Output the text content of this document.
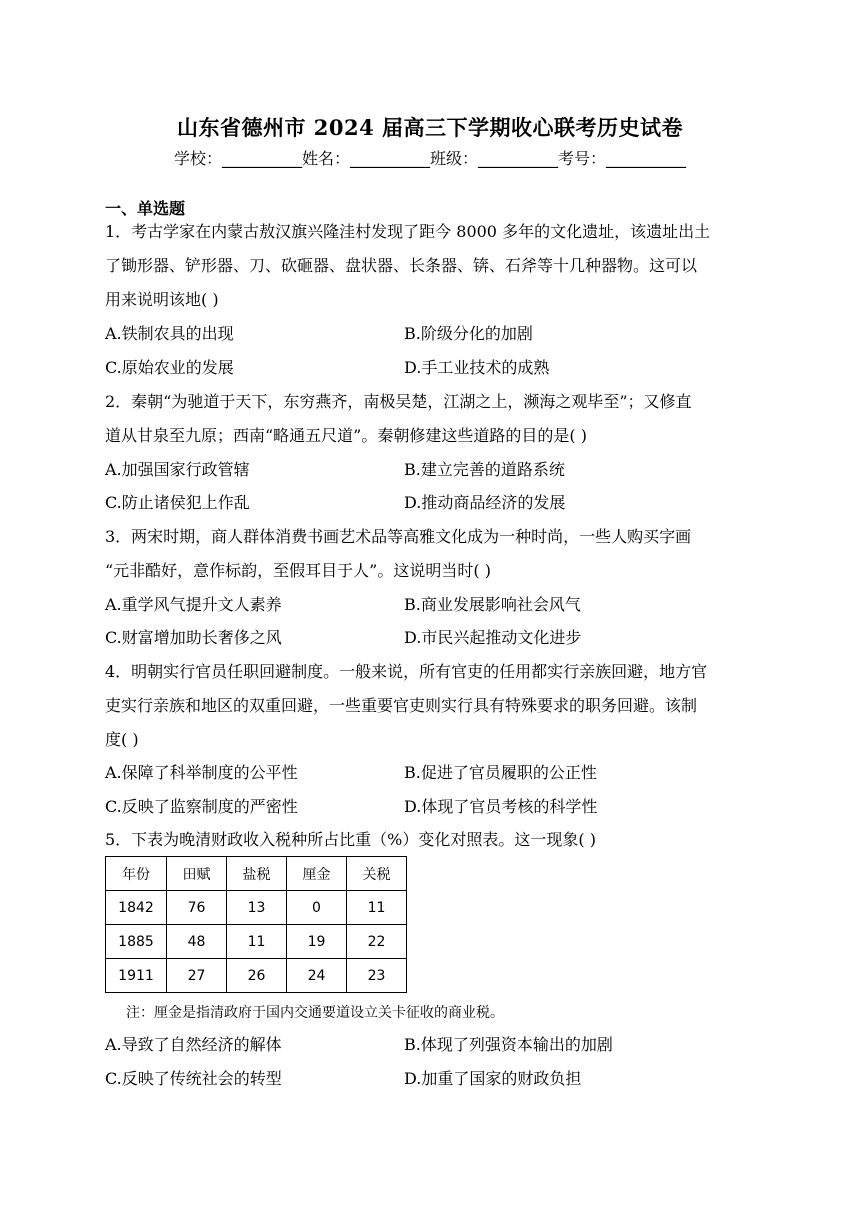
山东省德州市 2024 届高三下学期收心联考历史试卷
学校：__________姓名：__________班级：__________考号：__________
一、单选题
1．考古学家在内蒙古敖汉旗兴隆洼村发现了距今 8000 多年的文化遗址，该遗址出土
了锄形器、铲形器、刀、砍砸器、盘状器、长条器、锛、石斧等十几种器物。这可以
用来说明该地( )
A.铁制农具的出现	B.阶级分化的加剧
C.原始农业的发展	D.手工业技术的成熟
2．秦朝“为驰道于天下，东穷燕齐，南极吴楚，江湖之上，濒海之观毕至”；又修直
道从甘泉至九原；西南“略通五尺道”。秦朝修建这些道路的目的是( )
A.加强国家行政管辖	B.建立完善的道路系统
C.防止诸侯犯上作乱	D.推动商品经济的发展
3．两宋时期，商人群体消费书画艺术品等高雅文化成为一种时尚，一些人购买字画
“元非酷好，意作标韵，至假耳目于人”。这说明当时( )
A.重学风气提升文人素养	B.商业发展影响社会风气
C.财富增加助长奢侈之风	D.市民兴起推动文化进步
4．明朝实行官员任职回避制度。一般来说，所有官吏的任用都实行亲族回避，地方官
吏实行亲族和地区的双重回避，一些重要官吏则实行具有特殊要求的职务回避。该制
度( )
A.保障了科举制度的公平性	B.促进了官员履职的公正性
C.反映了监察制度的严密性	D.体现了官员考核的科学性
5．下表为晚清财政收入税种所占比重（%）变化对照表。这一现象( )
年份	田赋	盐税	厘金	关税
1842	76	13	0	11
1885	48	11	19	22
1911	27	26	24	23
注：厘金是指清政府于国内交通要道设立关卡征收的商业税。
A.导致了自然经济的解体	B.体现了列强资本输出的加剧
C.反映了传统社会的转型	D.加重了国家的财政负担
